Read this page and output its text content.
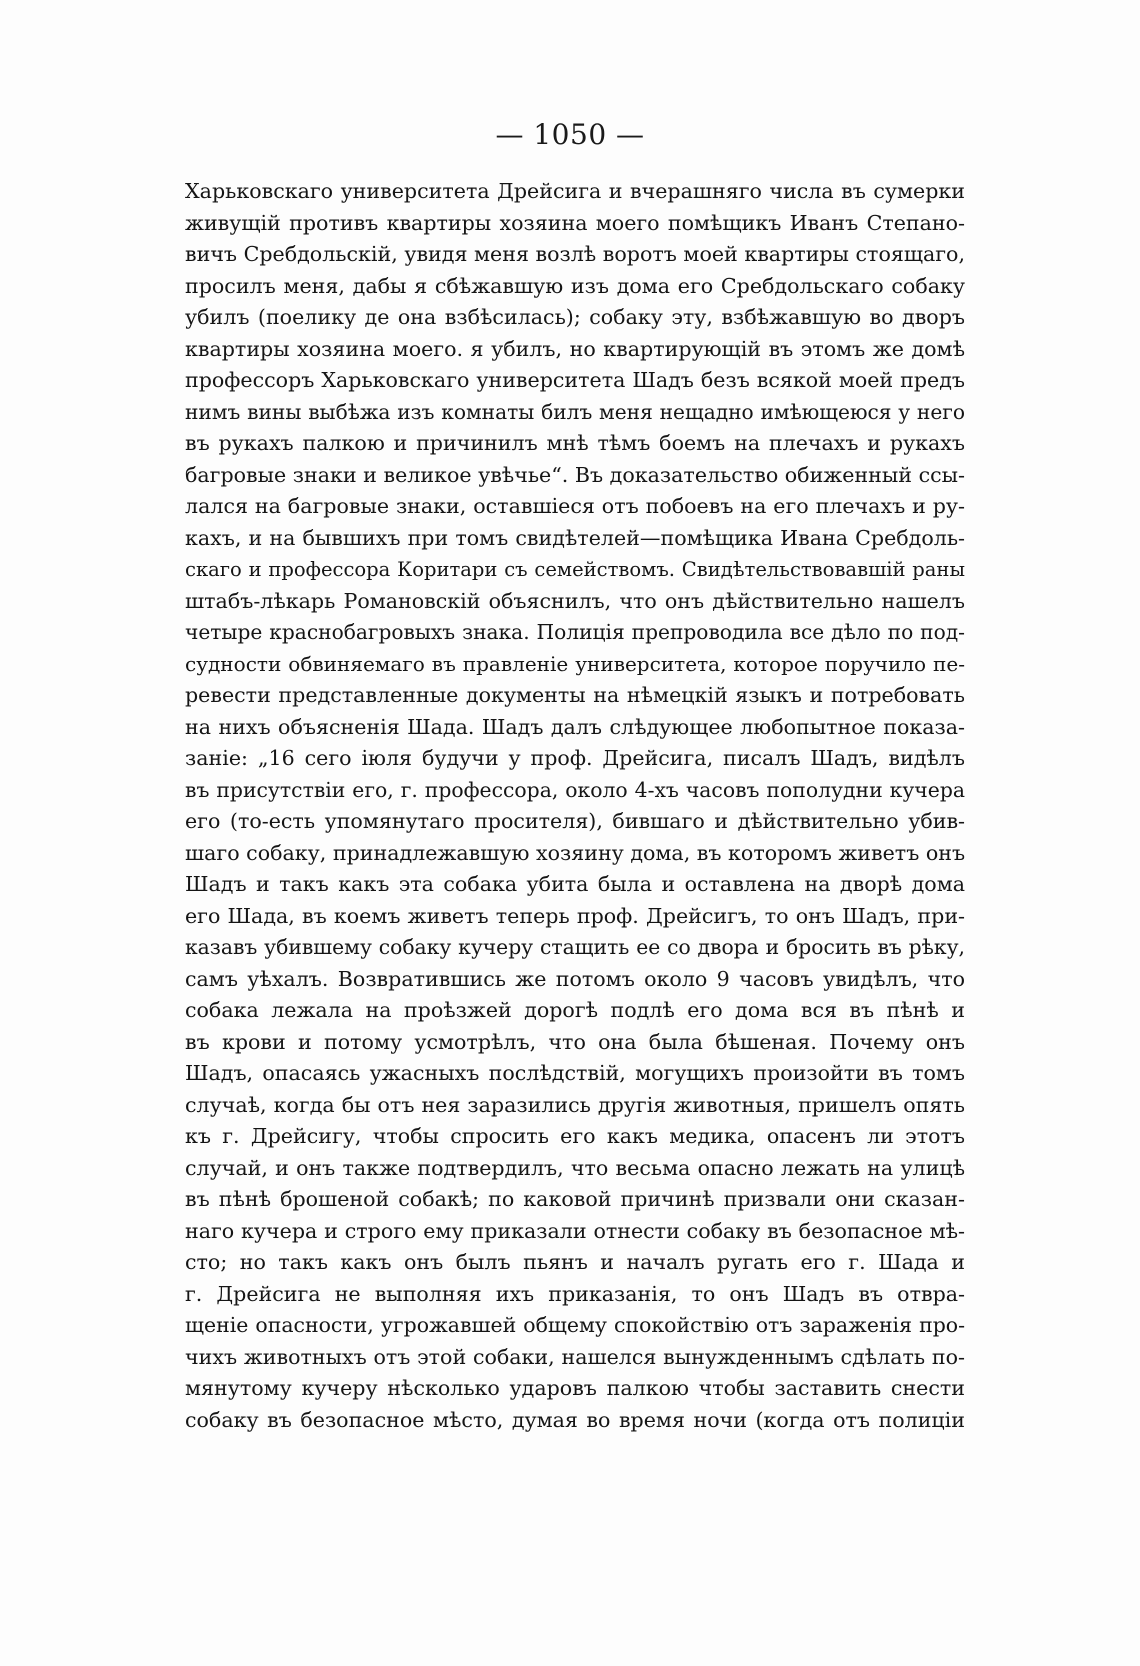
— 1050 —
Харьковскаго университета Дрейсига и вчерашняго числа въ сумерки
живущій противъ квартиры хозяина моего помѣщикъ Иванъ Степано-
вичъ Сребдольскій, увидя меня возлѣ воротъ моей квартиры стоящаго,
просилъ меня, дабы я сбѣжавшую изъ дома его Сребдольскаго собаку
убилъ (поелику де она взбѣсилась); собаку эту, взбѣжавшую во дворъ
квартиры хозяина моего. я убилъ, но квартирующій въ этомъ же домѣ
профессоръ Харьковскаго университета Шадъ безъ всякой моей предъ
нимъ вины выбѣжа изъ комнаты билъ меня нещадно имѣющеюся у него
въ рукахъ палкою и причинилъ мнѣ тѣмъ боемъ на плечахъ и рукахъ
багровые знаки и великое увѣчье“. Въ доказательство обиженный ссы-
лался на багровые знаки, оставшіеся отъ побоевъ на его плечахъ и ру-
кахъ, и на бывшихъ при томъ свидѣтелей—помѣщика Ивана Сребдоль-
скаго и профессора Коритари съ семействомъ. Свидѣтельствовавшій раны
штабъ-лѣкарь Романовскій объяснилъ, что онъ дѣйствительно нашелъ
четыре краснобагровыхъ знака. Полиція препроводила все дѣло по под-
судности обвиняемаго въ правленіе университета, которое поручило пе-
ревести представленные документы на нѣмецкій языкъ и потребовать
на нихъ объясненія Шада. Шадъ далъ слѣдующее любопытное показа-
заніе: „16 сего іюля будучи у проф. Дрейсига, писалъ Шадъ, видѣлъ
въ присутствіи его, г. профессора, около 4-хъ часовъ пополудни кучера
его (то-есть упомянутаго просителя), бившаго и дѣйствительно убив-
шаго собаку, принадлежавшую хозяину дома, въ которомъ живетъ онъ
Шадъ и такъ какъ эта собака убита была и оставлена на дворѣ дома
его Шада, въ коемъ живетъ теперь проф. Дрейсигъ, то онъ Шадъ, при-
казавъ убившему собаку кучеру стащить ее со двора и бросить въ рѣку,
самъ уѣхалъ. Возвратившись же потомъ около 9 часовъ увидѣлъ, что
собака лежала на проѣзжей дорогѣ подлѣ его дома вся въ пѣнѣ и
въ крови и потому усмотрѣлъ, что она была бѣшеная. Почему онъ
Шадъ, опасаясь ужасныхъ послѣдствій, могущихъ произойти въ томъ
случаѣ, когда бы отъ нея заразились другія животныя, пришелъ опять
къ г. Дрейсигу, чтобы спросить его какъ медика, опасенъ ли этотъ
случай, и онъ также подтвердилъ, что весьма опасно лежать на улицѣ
въ пѣнѣ брошеной собакѣ; по каковой причинѣ призвали они сказан-
наго кучера и строго ему приказали отнести собаку въ безопасное мѣ-
сто; но такъ какъ онъ былъ пьянъ и началъ ругать его г. Шада и
г. Дрейсига не выполняя ихъ приказанія, то онъ Шадъ въ отвра-
щеніе опасности, угрожавшей общему спокойствію отъ зараженія про-
чихъ животныхъ отъ этой собаки, нашелся вынужденнымъ сдѣлать по-
мянутому кучеру нѣсколько ударовъ палкою чтобы заставить снести
собаку въ безопасное мѣсто, думая во время ночи (когда отъ полиціи
